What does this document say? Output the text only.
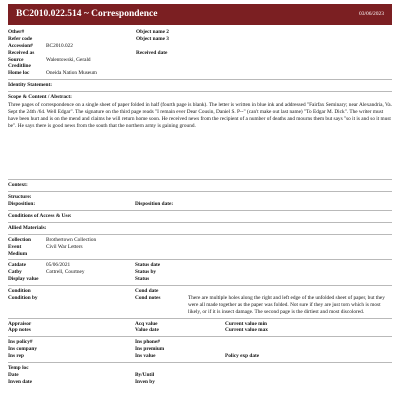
BC2010.022.514 ~ Correspondence	03/06/2023
Other#	Object name 2
Refer code	Object name 3
Accession#	BC2010.022
Received as	Received date
Source	Walentowski, Gerald
Creditline
Home loc	Oneida Nation Museum
Identity Statement:
Scope & Content / Abstract:
Three pages of correspondence on a single sheet of paper folded in half (fourth page is blank). The letter is written in blue ink and addressed "Fairfax Seminary; near Alexandria, Va. Sept the 24th /64. Well Edgar". The signature on the third page reads "I remain ever Dear Cousin, Daniel S. P--" (can't make out last name) "To Edgar M. Dick". The writer must have been hurt and is on the mend and claims he will return home soon. He received news from the recipient of a number of deaths and mourns them but says "so it is and so it must be". He says there is good news from the south that the northern army is gaining ground.
Context:
Structure:
Disposition:	Disposition date:
Conditions of Access & Use:
Allied Materials:
Collection	Brothertown Collection
Event	Civil War Letters
Medium
Catdate	05/06/2021	Status date
Catby	Cottrell, Courtney	Status by
Display value	Status
Condition	Cond date
Condition by	Cond notes	There are multiple holes along the right and left edge of the unfolded sheet of paper, but they were all made together as the paper was folded. Not sure if they are just torn which is most likely, or if it is insect damage. The second page is the dirtiest and most discolored.
Appraisor	Acq value	Current value min
App notes	Value date	Current value max
Ins policy#	Ins phone#
Ins company	Ins premium
Ins rep	Ins value	Policy exp date
Temp loc
Date	By/Until
Inven date	Inven by
